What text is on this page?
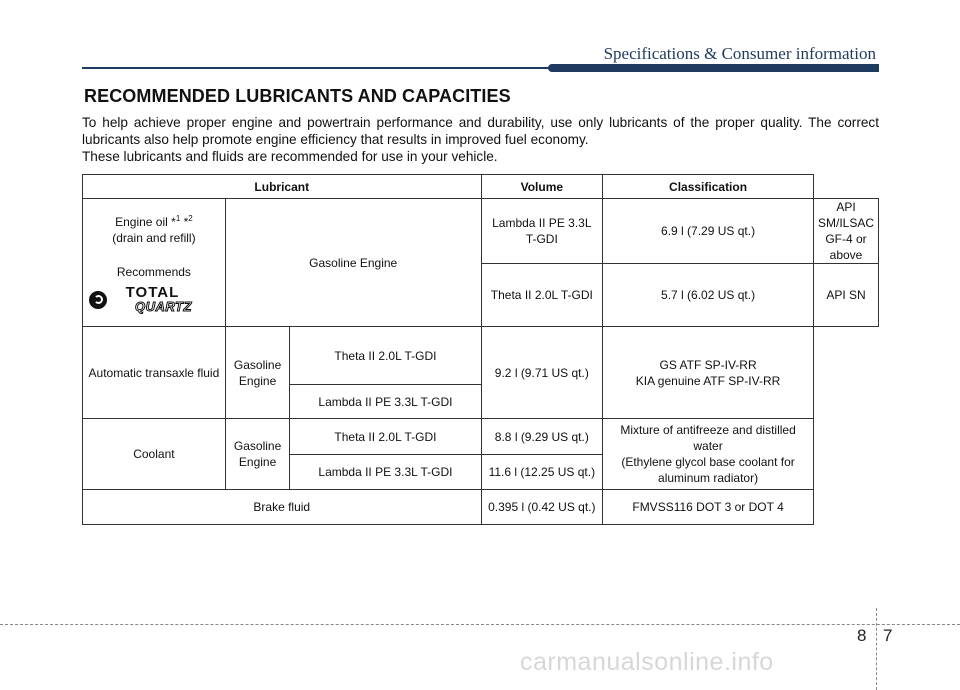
Specifications & Consumer information
RECOMMENDED LUBRICANTS AND CAPACITIES
To help achieve proper engine and powertrain performance and durability, use only lubricants of the proper quality. The correct lubricants also help promote engine efficiency that results in improved fuel economy.
These lubricants and fluids are recommended for use in your vehicle.
Lubricant			Volume	Classification	

Engine oil *$^1$ *$^2$
(drain and refill)
Recommends
TOTAL
QUARTZ	Gasoline Engine		Lambda II PE 3.3L T-GDI	6.9 l (7.29 US qt.)	API SM/ILSAC GF-4 or above
			Theta II 2.0L T-GDI	5.7 l (6.02 US qt.)	API SN
Automatic transaxle fluid	Gasoline Engine	Theta II 2.0L T-GDI	9.2 l (9.71 US qt.)	GS ATF SP-IV-RR
KIA genuine ATF SP-IV-RR	

		Lambda II PE 3.3L T-GDI			
Coolant	Gasoline Engine	Theta II 2.0L T-GDI	8.8 l (9.29 US qt.)	Mixture of antifreeze and distilled water
(Ethylene glycol base coolant for aluminum radiator)	

		Lambda II PE 3.3L T-GDI	11.6 l (12.25 US qt.)		
Brake fluid			0.395 l (0.42 US qt.)	FMVSS116 DOT 3 or DOT 4	
8 7
carmanualsonline.info
